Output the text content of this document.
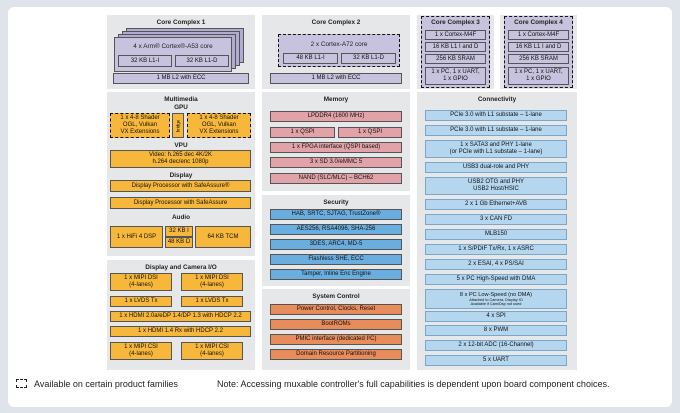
Core Complex 1
4 x Arm® Cortex®-A53 core
32 KB L1-I	32 KB L1-D
1 MB L2 with ECC
Core Complex 2
2 x Cortex-A72 core
48 KB L1-I	32 KB L1-D
1 MB L2 with ECC
Core Complex 3
1 x Cortex-M4F
16 KB L1 I and D
256 KB SRAM
1 x PC, 1 x UART,
1 x GPIO
Core Complex 4
1 x Cortex-M4F
16 KB L1 I and D
256 KB SRAM
1 x PC, 1 x UART,
1 x GPIO
Multimedia
GPU
1 x 4-8 Shader
OGL, Vulkan
VX Extensions
bridge
1 x 4-8 Shader
OGL, Vulkan
VX Extensions
VPU
Video: h.265 dec 4K/2K
h.264 dec/enc 1080p
Display
Display Processor with SafeAssure®
Display Processor with SafeAssure
Audio
1 x HiFi 4 DSP
32 KB I
48 KB D
64 KB TCM
Display and Camera I/O
1 x MIPI DSI
(4-lanes)
1 x MIPI DSI
(4-lanes)
1 x LVDS Tx	1 x LVDS Tx
1 x HDMI 2.0a/eDP 1.4/DP 1.3 with HDCP 2.2
1 x HDMI 1.4 Rx with HDCP 2.2
1 x MIPI CSI
(4-lanes)
1 x MIPI CSI
(4-lanes)
Memory
LPDDR4 (1600 MHz)
1 x QSPI	1 x QSPI
1 x FPGA interface (QSPI based)
3 x SD 3.0/eMMC 5
NAND (SLC/MLC) – BCH62
Security
HAB, SRTC, SJTAG, TrustZone®
AES256, RSA4096, SHA-256
3DES, ARC4, MD-5
Flashless SHE, ECC
Tamper, Inline Enc Engine
System Control
Power Control, Clocks, Reset
BootROMs
PMIC interface (dedicated I²C)
Domain Resource Partitioning
Connectivity
PCIe 3.0 with L1 substate – 1-lane
PCIe 3.0 with L1 substate – 1-lane
1 x SATA3 and PHY 1-lane
(or PCIe with L1 substate – 1-lane)
USB3 dual-role and PHY
USB2 OTG and PHY
USB2 Host/HSIC
2 x 1 Gb Ethernet+AVB
3 x CAN FD
MLB150
1 x S/PDIF Tx/Rx, 1 x ASRC
2 x ESAI, 4 x PS/SAI
5 x PC High-Speed with DMA
8 x PC Low-Speed (no DMA)
Attached to Camera, Display IO
Available if Cam/Dsp not used
4 x SPI
8 x PWM
2 x 12-bit ADC (16-Channel)
5 x UART
Available on certain product families	Note: Accessing muxable controller's full capabilities is dependent upon board component choices.
